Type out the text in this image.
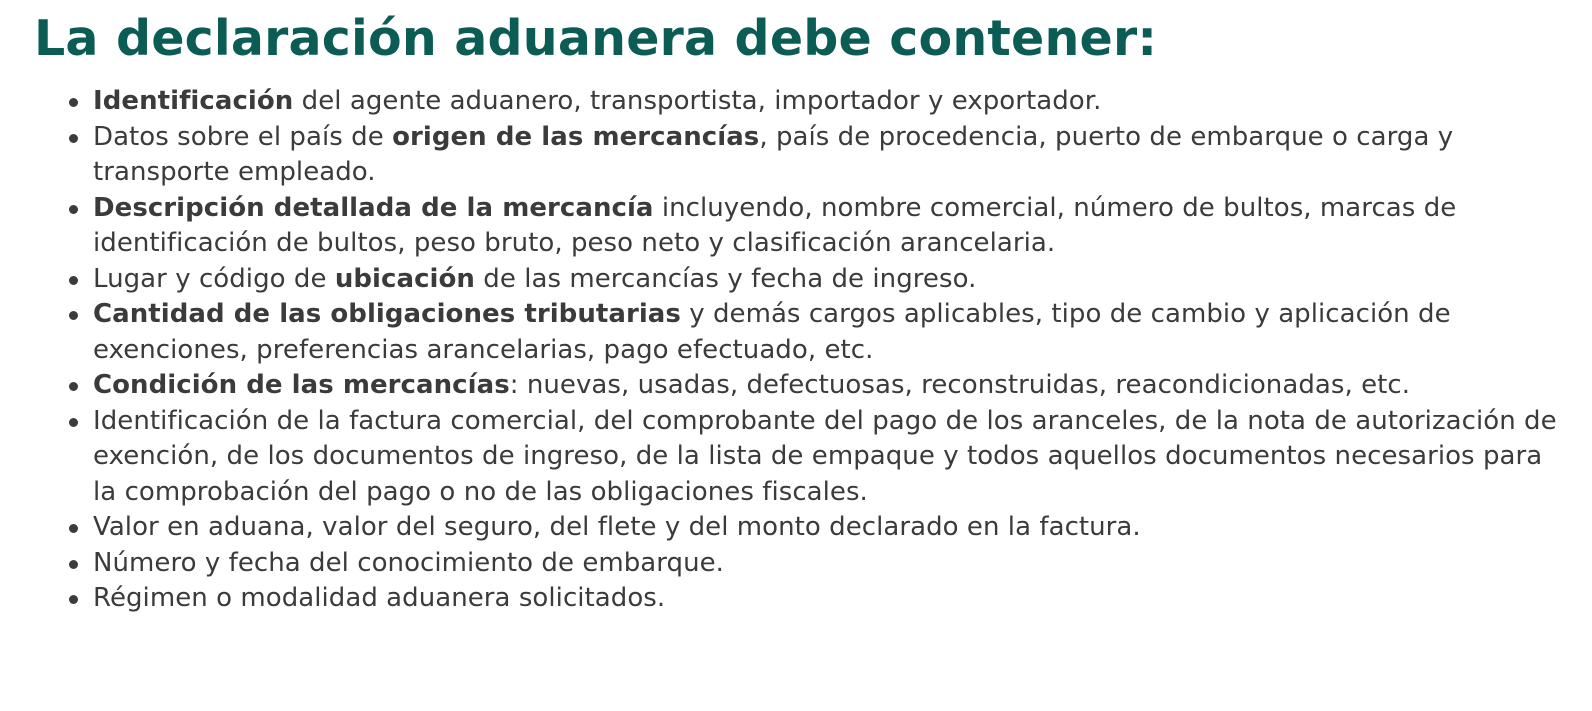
La declaración aduanera debe contener:
Identificación del agente aduanero, transportista, importador y exportador.
Datos sobre el país de origen de las mercancías, país de procedencia, puerto de embarque o carga y transporte empleado.
Descripción detallada de la mercancía incluyendo, nombre comercial, número de bultos, marcas de identificación de bultos, peso bruto, peso neto y clasificación arancelaria.
Lugar y código de ubicación de las mercancías y fecha de ingreso.
Cantidad de las obligaciones tributarias y demás cargos aplicables, tipo de cambio y aplicación de exenciones, preferencias arancelarias, pago efectuado, etc.
Condición de las mercancías: nuevas, usadas, defectuosas, reconstruidas, reacondicionadas, etc.
Identificación de la factura comercial, del comprobante del pago de los aranceles, de la nota de autorización de exención, de los documentos de ingreso, de la lista de empaque y todos aquellos documentos necesarios para la comprobación del pago o no de las obligaciones fiscales.
Valor en aduana, valor del seguro, del flete y del monto declarado en la factura.
Número y fecha del conocimiento de embarque.
Régimen o modalidad aduanera solicitados.
